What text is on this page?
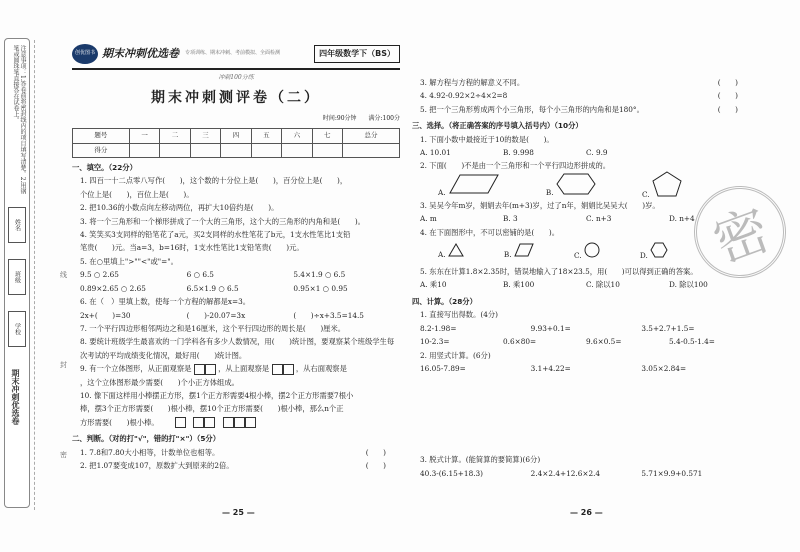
注意事项：1.答卷前将密封线内的项目填写清楚。2.用钢笔或圆珠笔直接答在试卷上。
姓名
班级
学校
期末冲刺优选卷
线
封
密
创优图书 期末冲刺优选卷 专项训练、期末冲刺、考前模拟、全面检测	四年级数学下（BS）
冲刺100分练
期末冲刺测评卷（二）
时间:90分钟　　满分:100分
题号	一	二	三	四	五	六	七	总分
得分								
一、填空。（22分）
1. 四百一十二点零八写作(　　)，这个数的十分位上是(　　)，百分位上是(　　)，
个位上是(　　)，百位上是(　　)。
2. 把10.36的小数点向左移动两位，再扩大10倍约是(　　)。
3. 将一个三角形和一个梯形拼成了一个大的三角形，这个大的三角形的内角和是(　　)。
4. 笑笑买3支同样的铅笔花了a元，买2支同样的水性笔花了b元，1支水性笔比1支铅
笔贵(　　)元。当a=3，b=16时，1支水性笔比1支铅笔贵(　　)元。
5. 在○里填上">""<"或"="。
9.5 ○ 2.65	6 ○ 6.5	5.4×1.9 ○ 6.5
0.89×2.65 ○ 2.65	6.5×1.9 ○ 6.5	0.95×1 ○ 0.95
6. 在（　）里填上数，使每一个方程的解都是x=3。
2x+(　　)=30	(　　)-20.07=3x	(　　)÷x+3.5=14.5
7. 一个平行四边形相邻两边之和是16厘米，这个平行四边形的周长是(　　)厘米。
8. 要统计班级学生最喜欢的一门学科各有多少人数情况，用(　　)统计图，要观察某个班级学生每
次考试的平均成绩变化情况，最好用(　　)统计图。
9. 有一个立体图形，从正面观察是	，从上面观察是	，从右面观察是
，这个立体图形最少需要(　　)个小正方体组成。
10. 像下面这样用小棒摆正方形，摆1个正方形需要4根小棒，摆2个正方形需要7根小
棒，摆3个正方形需要(　　)根小棒，摆10个正方形需要(　　)根小棒，那么n个正
方形需要(　　)根小棒。 　　
二、判断。（对的打"√"，错的打"×"）（5分）
1. 7.8和7.80大小相等，计数单位也相等。	(　　)
2. 把1.07要变成107，原数扩大到原来的2倍。	(　　)
— 25 —
3. 解方程与方程的解意义不同。	(　　)
4. 4.92-0.92×2÷4×2=8	(　　)
5. 把一个三角形剪成两个小三角形，每个小三角形的内角和是180°。	(　　)
三、选择。（将正确答案的序号填入括号内）（10分）
1. 下面小数中最接近于10的数是(　　)。
A. 10.01	B. 9.998	C. 9.9
2. 下面(　　)不是由一个三角形和一个平行四边形拼成的。
A.	B.	C.
3. 吴吴今年m岁，娟娟去年(m+3)岁，过了n年，娟娟比吴吴大(　　)岁。
A. m	B. 3	C. n+3	D. n+4
4. 在下面图形中，不可以密铺的是(　　)。
A.	B.	C.	D.
5. 东东在计算1.8×2.35时，错误地输入了18×23.5，用(　　)可以得到正确的答案。
A. 乘10	B. 乘100	C. 除以10	D. 除以100
四、计算。（28分）
1. 直接写出得数。(4分)
8.2-1.98=	9.93+0.1=	3.5+2.7+1.5=
10-2.3=	0.6×80=	9.6×0.5=	5.4-0.5-1.4=
2. 用竖式计算。(6分)
16.05-7.89=	3.1+4.22=	3.05×2.84=
3. 脱式计算。(能简算的要简算)(6分)
40.3-(6.15+18.3)	2.4×2.4+12.6×2.4	5.71×9.9+0.571
密
— 26 —
